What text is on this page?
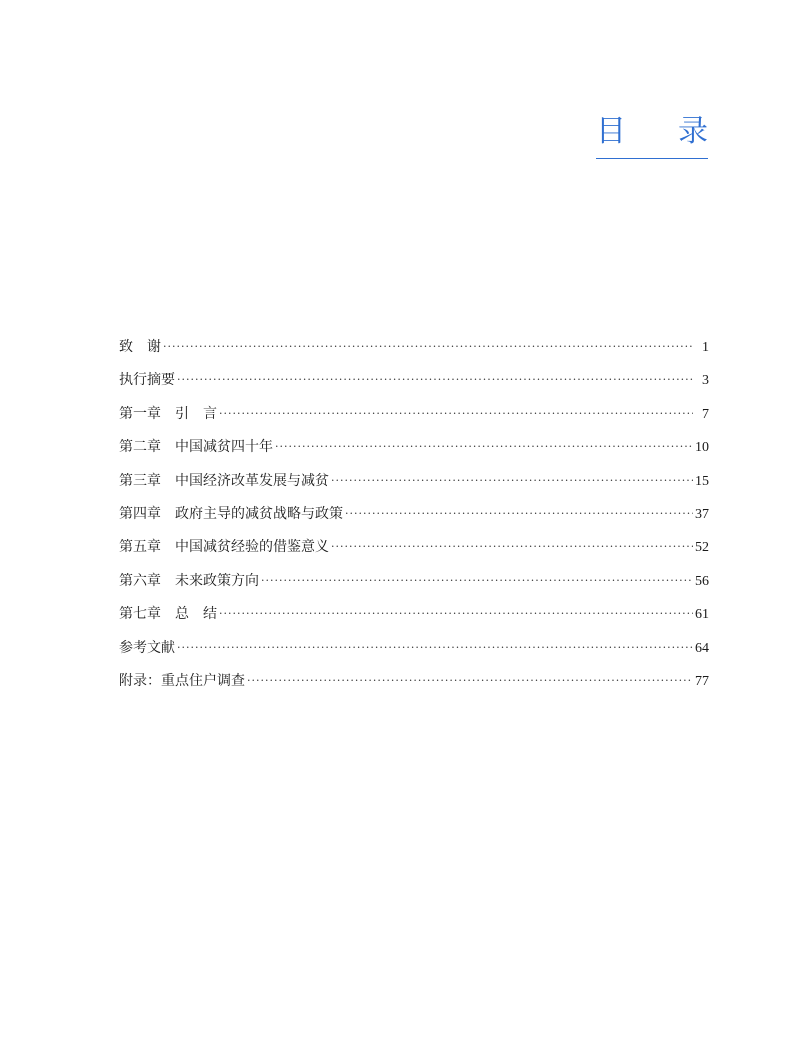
目 录
致　谢 ·····	1
执行摘要 ·····	3
第一章　引　言 ·····	7
第二章　中国减贫四十年 ·····	10
第三章　中国经济改革发展与减贫 ·····	15
第四章　政府主导的减贫战略与政策 ·····	37
第五章　中国减贫经验的借鉴意义 ·····	52
第六章　未来政策方向 ·····	56
第七章　总　结 ·····	61
参考文献 ·····	64
附录：重点住户调查 ·····	77
